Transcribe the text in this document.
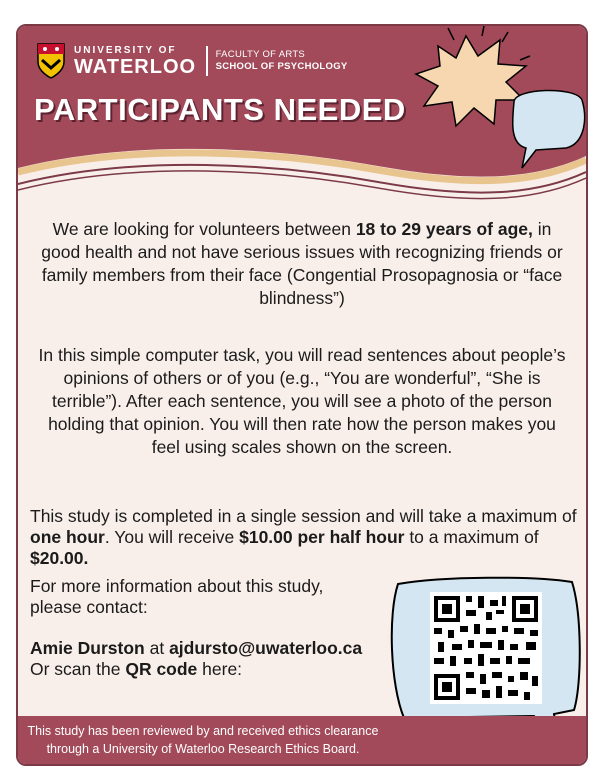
UNIVERSITY OF
WATERLOO
FACULTY OF ARTS
SCHOOL OF PSYCHOLOGY
PARTICIPANTS NEEDED
We are looking for volunteers between 18 to 29 years of age, in good health and not have serious issues with recognizing friends or family members from their face (Congential Prosopagnosia or “face blindness”)
In this simple computer task, you will read sentences about people’s opinions of others or of you (e.g., “You are wonderful”, “She is terrible”). After each sentence, you will see a photo of the person holding that opinion. You will then rate how the person makes you feel using scales shown on the screen.
This study is completed in a single session and will take a maximum of one hour. You will receive $10.00 per half hour to a maximum of $20.00.
For more information about this study, please contact:
Amie Durston at ajdursto@uwaterloo.ca
Or scan the QR code here:
This study has been reviewed by and received ethics clearance through a University of Waterloo Research Ethics Board.
